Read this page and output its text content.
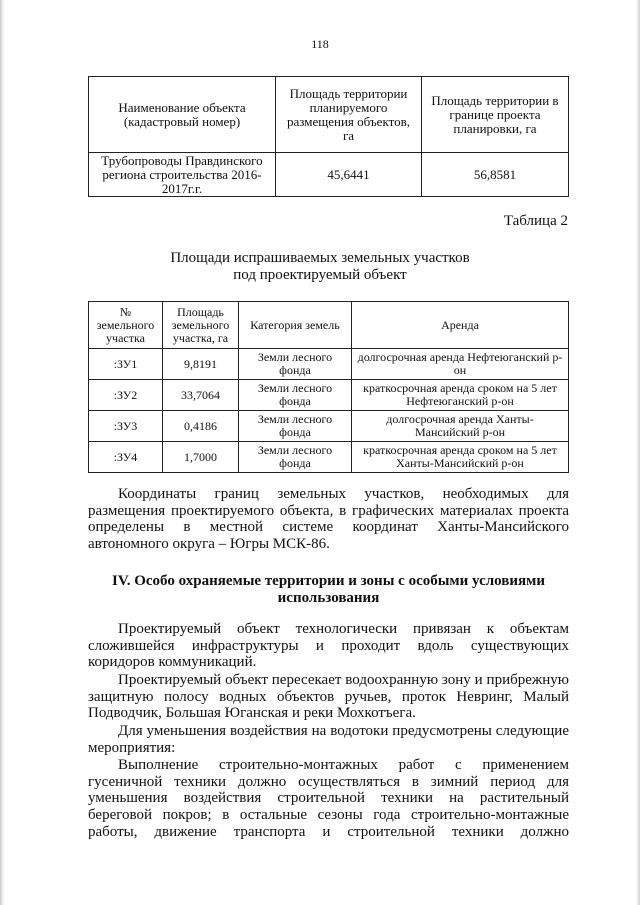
118
Наименование объекта (кадастровый номер)	Площадь территории планируемого размещения объектов, га	Площадь территории в границе проекта планировки, га
Трубопроводы Правдинского региона строительства 2016-2017г.г.	45,6441	56,8581
Таблица 2
Площади испрашиваемых земельных участков
под проектируемый объект
№ земельного участка	Площадь земельного участка, га	Категория земель	Аренда
:ЗУ1	9,8191	Земли лесного фонда	долгосрочная аренда Нефтеюганский р-он
:ЗУ2	33,7064	Земли лесного фонда	краткосрочная аренда сроком на 5 лет Нефтеюганский р-он
:ЗУ3	0,4186	Земли лесного фонда	долгосрочная аренда Ханты-Мансийский р-он
:ЗУ4	1,7000	Земли лесного фонда	краткосрочная аренда сроком на 5 лет Ханты-Мансийский р-он
Координаты границ земельных участков, необходимых для размещения проектируемого объекта, в графических материалах проекта определены в местной системе координат Ханты-Мансийского автономного округа – Югры МСК-86.
IV. Особо охраняемые территории и зоны с особыми условиями использования
Проектируемый объект технологически привязан к объектам сложившейся инфраструктуры и проходит вдоль существующих коридоров коммуникаций.
Проектируемый объект пересекает водоохранную зону и прибрежную защитную полосу водных объектов ручьев, проток Невринг, Малый Подводчик, Большая Юганская и реки Мохкотъега.
Для уменьшения воздействия на водотоки предусмотрены следующие мероприятия:
Выполнение строительно-монтажных работ с применением гусеничной техники должно осуществляться в зимний период для уменьшения воздействия строительной техники на растительный береговой покров; в остальные сезоны года строительно-монтажные работы, движение транспорта и строительной техники должно
